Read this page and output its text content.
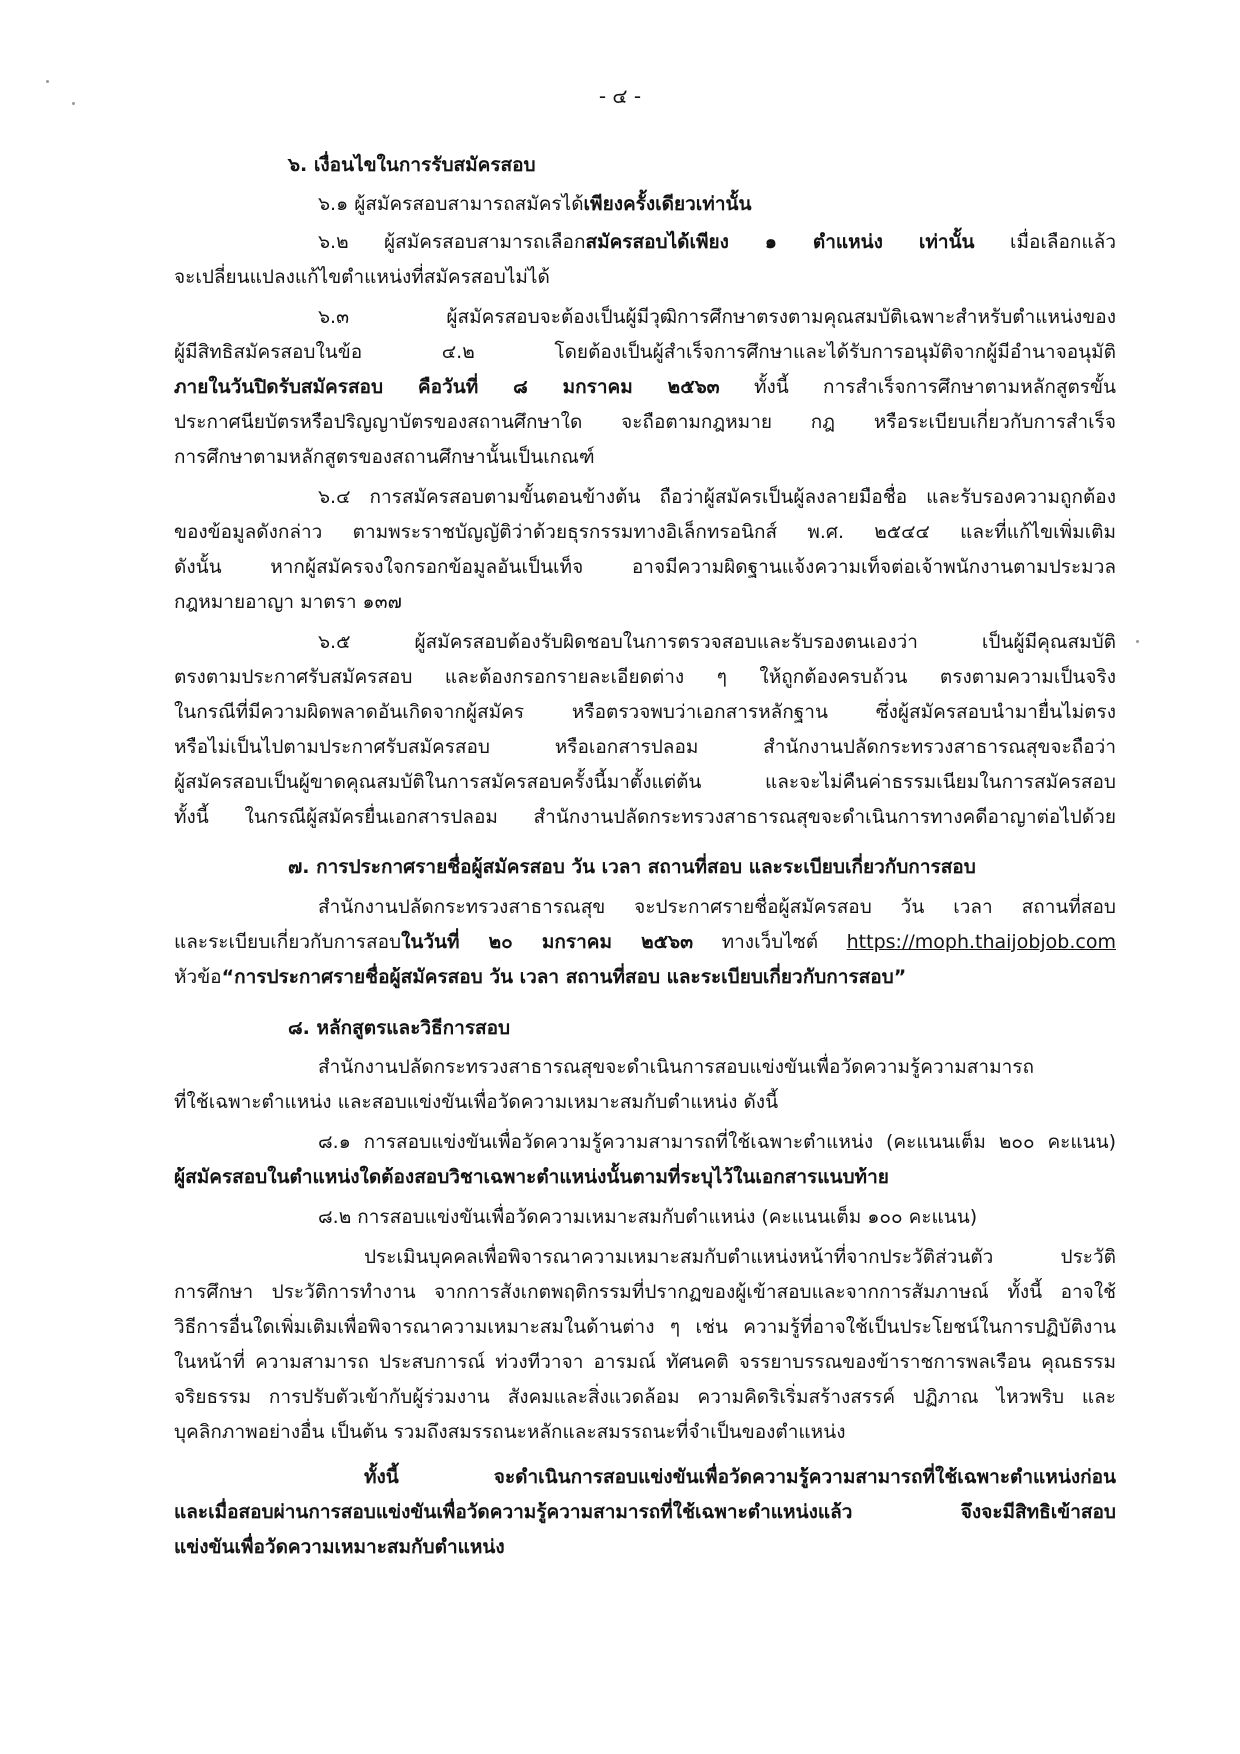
- ๔ -
๖. เงื่อนไขในการรับสมัครสอบ
๖.๑ ผู้สมัครสอบสามารถสมัครได้เพียงครั้งเดียวเท่านั้น
๖.๒ ผู้สมัครสอบสามารถเลือกสมัครสอบได้เพียง ๑ ตำแหน่ง เท่านั้น เมื่อเลือกแล้ว
จะเปลี่ยนแปลงแก้ไขตำแหน่งที่สมัครสอบไม่ได้
๖.๓ ผู้สมัครสอบจะต้องเป็นผู้มีวุฒิการศึกษาตรงตามคุณสมบัติเฉพาะสำหรับตำแหน่งของ
ผู้มีสิทธิสมัครสอบในข้อ ๔.๒ โดยต้องเป็นผู้สำเร็จการศึกษาและได้รับการอนุมัติจากผู้มีอำนาจอนุมัติ
ภายในวันปิดรับสมัครสอบ คือวันที่ ๘ มกราคม ๒๕๖๓ ทั้งนี้ การสำเร็จการศึกษาตามหลักสูตรขั้น
ประกาศนียบัตรหรือปริญญาบัตรของสถานศึกษาใด จะถือตามกฎหมาย กฎ หรือระเบียบเกี่ยวกับการสำเร็จ
การศึกษาตามหลักสูตรของสถานศึกษานั้นเป็นเกณฑ์
๖.๔ การสมัครสอบตามขั้นตอนข้างต้น ถือว่าผู้สมัครเป็นผู้ลงลายมือชื่อ และรับรองความถูกต้อง
ของข้อมูลดังกล่าว ตามพระราชบัญญัติว่าด้วยธุรกรรมทางอิเล็กทรอนิกส์ พ.ศ. ๒๕๔๔ และที่แก้ไขเพิ่มเติม
ดังนั้น หากผู้สมัครจงใจกรอกข้อมูลอันเป็นเท็จ อาจมีความผิดฐานแจ้งความเท็จต่อเจ้าพนักงานตามประมวล
กฎหมายอาญา มาตรา ๑๓๗
๖.๕ ผู้สมัครสอบต้องรับผิดชอบในการตรวจสอบและรับรองตนเองว่า เป็นผู้มีคุณสมบัติ
ตรงตามประกาศรับสมัครสอบ และต้องกรอกรายละเอียดต่าง ๆ ให้ถูกต้องครบถ้วน ตรงตามความเป็นจริง
ในกรณีที่มีความผิดพลาดอันเกิดจากผู้สมัคร หรือตรวจพบว่าเอกสารหลักฐาน ซึ่งผู้สมัครสอบนำมายื่นไม่ตรง
หรือไม่เป็นไปตามประกาศรับสมัครสอบ หรือเอกสารปลอม สำนักงานปลัดกระทรวงสาธารณสุขจะถือว่า
ผู้สมัครสอบเป็นผู้ขาดคุณสมบัติในการสมัครสอบครั้งนี้มาตั้งแต่ต้น และจะไม่คืนค่าธรรมเนียมในการสมัครสอบ
ทั้งนี้ ในกรณีผู้สมัครยื่นเอกสารปลอม สำนักงานปลัดกระทรวงสาธารณสุขจะดำเนินการทางคดีอาญาต่อไปด้วย
๗. การประกาศรายชื่อผู้สมัครสอบ วัน เวลา สถานที่สอบ และระเบียบเกี่ยวกับการสอบ
สำนักงานปลัดกระทรวงสาธารณสุข จะประกาศรายชื่อผู้สมัครสอบ วัน เวลา สถานที่สอบ
และระเบียบเกี่ยวกับการสอบในวันที่ ๒๐ มกราคม ๒๕๖๓ ทางเว็บไซต์ https://moph.thaijobjob.com
หัวข้อ“การประกาศรายชื่อผู้สมัครสอบ วัน เวลา สถานที่สอบ และระเบียบเกี่ยวกับการสอบ”
๘. หลักสูตรและวิธีการสอบ
สำนักงานปลัดกระทรวงสาธารณสุขจะดำเนินการสอบแข่งขันเพื่อวัดความรู้ความสามารถ
ที่ใช้เฉพาะตำแหน่ง และสอบแข่งขันเพื่อวัดความเหมาะสมกับตำแหน่ง ดังนี้
๘.๑ การสอบแข่งขันเพื่อวัดความรู้ความสามารถที่ใช้เฉพาะตำแหน่ง (คะแนนเต็ม ๒๐๐ คะแนน)
ผู้สมัครสอบในตำแหน่งใดต้องสอบวิชาเฉพาะตำแหน่งนั้นตามที่ระบุไว้ในเอกสารแนบท้าย
๘.๒ การสอบแข่งขันเพื่อวัดความเหมาะสมกับตำแหน่ง (คะแนนเต็ม ๑๐๐ คะแนน)
ประเมินบุคคลเพื่อพิจารณาความเหมาะสมกับตำแหน่งหน้าที่จากประวัติส่วนตัว ประวัติ
การศึกษา ประวัติการทำงาน จากการสังเกตพฤติกรรมที่ปรากฏของผู้เข้าสอบและจากการสัมภาษณ์ ทั้งนี้ อาจใช้
วิธีการอื่นใดเพิ่มเติมเพื่อพิจารณาความเหมาะสมในด้านต่าง ๆ เช่น ความรู้ที่อาจใช้เป็นประโยชน์ในการปฏิบัติงาน
ในหน้าที่ ความสามารถ ประสบการณ์ ท่วงทีวาจา อารมณ์ ทัศนคติ จรรยาบรรณของข้าราชการพลเรือน คุณธรรม
จริยธรรม การปรับตัวเข้ากับผู้ร่วมงาน สังคมและสิ่งแวดล้อม ความคิดริเริ่มสร้างสรรค์ ปฏิภาณ ไหวพริบ และ
บุคลิกภาพอย่างอื่น เป็นต้น รวมถึงสมรรถนะหลักและสมรรถนะที่จำเป็นของตำแหน่ง
ทั้งนี้ จะดำเนินการสอบแข่งขันเพื่อวัดความรู้ความสามารถที่ใช้เฉพาะตำแหน่งก่อน
และเมื่อสอบผ่านการสอบแข่งขันเพื่อวัดความรู้ความสามารถที่ใช้เฉพาะตำแหน่งแล้ว จึงจะมีสิทธิเข้าสอบ
แข่งขันเพื่อวัดความเหมาะสมกับตำแหน่ง
